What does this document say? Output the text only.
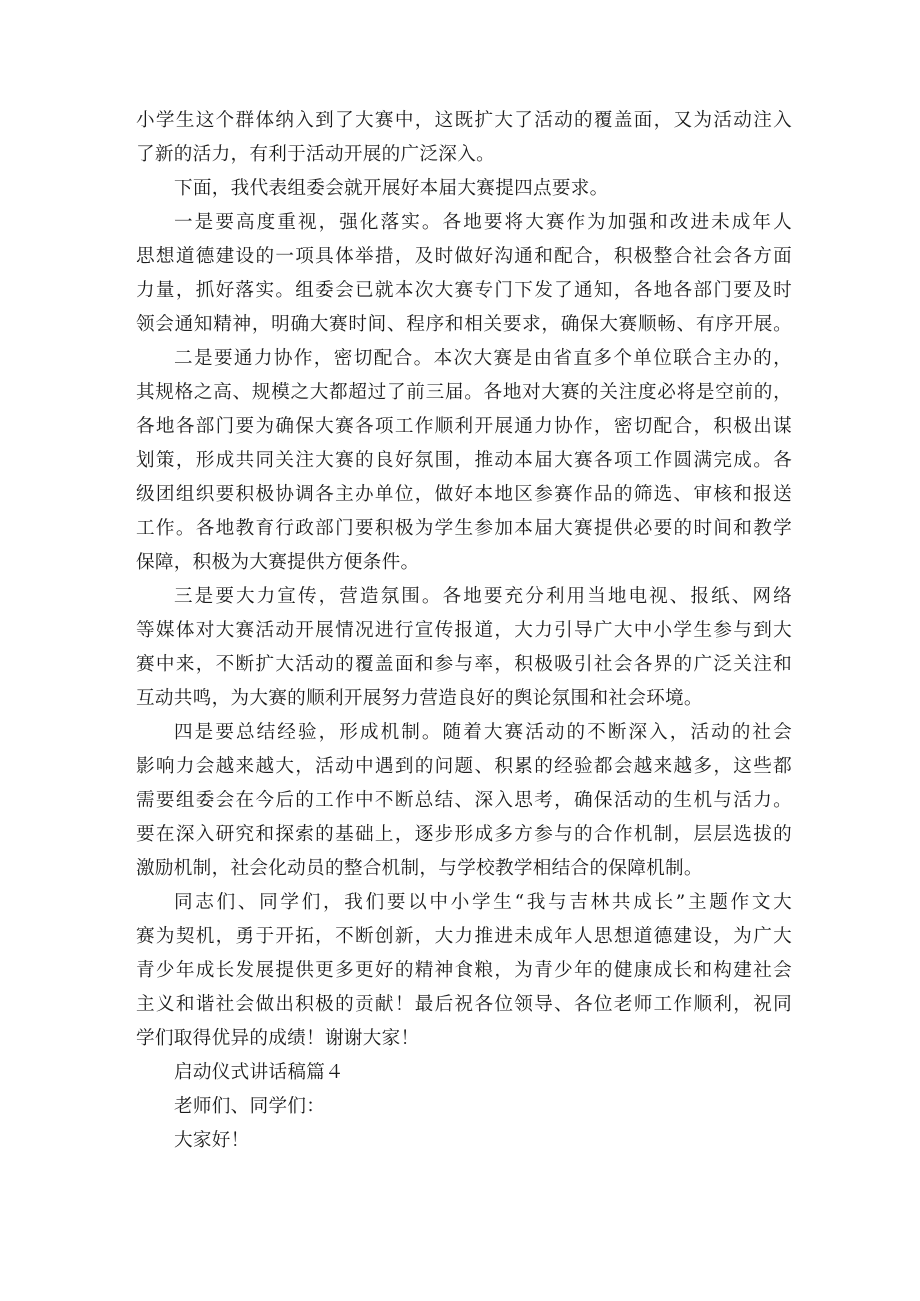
小学生这个群体纳入到了大赛中，这既扩大了活动的覆盖面，又为活动注入
了新的活力，有利于活动开展的广泛深入。
下面，我代表组委会就开展好本届大赛提四点要求。
一是要高度重视，强化落实。各地要将大赛作为加强和改进未成年人
思想道德建设的一项具体举措，及时做好沟通和配合，积极整合社会各方面
力量，抓好落实。组委会已就本次大赛专门下发了通知，各地各部门要及时
领会通知精神，明确大赛时间、程序和相关要求，确保大赛顺畅、有序开展。
二是要通力协作，密切配合。本次大赛是由省直多个单位联合主办的，
其规格之高、规模之大都超过了前三届。各地对大赛的关注度必将是空前的，
各地各部门要为确保大赛各项工作顺利开展通力协作，密切配合，积极出谋
划策，形成共同关注大赛的良好氛围，推动本届大赛各项工作圆满完成。各
级团组织要积极协调各主办单位，做好本地区参赛作品的筛选、审核和报送
工作。各地教育行政部门要积极为学生参加本届大赛提供必要的时间和教学
保障，积极为大赛提供方便条件。
三是要大力宣传，营造氛围。各地要充分利用当地电视、报纸、网络
等媒体对大赛活动开展情况进行宣传报道，大力引导广大中小学生参与到大
赛中来，不断扩大活动的覆盖面和参与率，积极吸引社会各界的广泛关注和
互动共鸣，为大赛的顺利开展努力营造良好的舆论氛围和社会环境。
四是要总结经验，形成机制。随着大赛活动的不断深入，活动的社会
影响力会越来越大，活动中遇到的问题、积累的经验都会越来越多，这些都
需要组委会在今后的工作中不断总结、深入思考，确保活动的生机与活力。
要在深入研究和探索的基础上，逐步形成多方参与的合作机制，层层选拔的
激励机制，社会化动员的整合机制，与学校教学相结合的保障机制。
同志们、同学们，我们要以中小学生“我与吉林共成长”主题作文大
赛为契机，勇于开拓，不断创新，大力推进未成年人思想道德建设，为广大
青少年成长发展提供更多更好的精神食粮，为青少年的健康成长和构建社会
主义和谐社会做出积极的贡献！最后祝各位领导、各位老师工作顺利，祝同
学们取得优异的成绩！谢谢大家！
启动仪式讲话稿篇４
老师们、同学们：
大家好！
